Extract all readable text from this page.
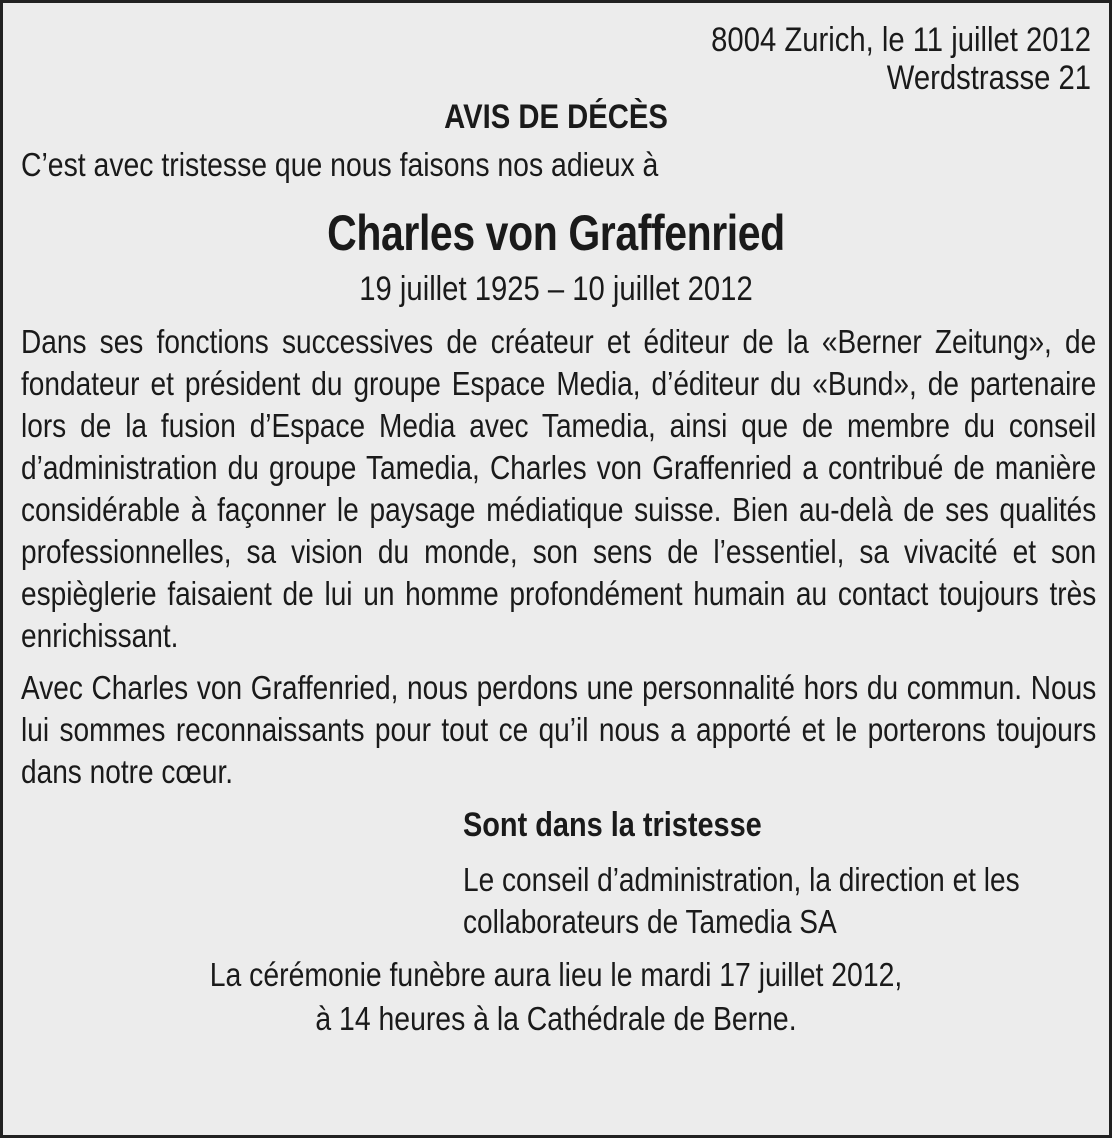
8004 Zurich, le 11 juillet 2012
Werdstrasse 21
AVIS DE DÉCÈS
C’est avec tristesse que nous faisons nos adieux à
Charles von Graffenried
19 juillet 1925 – 10 juillet 2012

Dans ses fonctions successives de créateur et éditeur de la «Berner Zeitung», de fondateur et président du groupe Espace Media, d’éditeur du «Bund», de partenaire lors de la fusion d’Espace Media avec Tamedia, ainsi que de membre du conseil d’administration du groupe Tamedia, Charles von Graffenried a contribué de manière considérable à façonner le paysage médiatique suisse. Bien au-delà de ses qualités professionnelles, sa vision du monde, son sens de l’essentiel, sa vivacité et son espièglerie faisaient de lui un homme profondément humain au contact toujours très enrichissant.

Avec Charles von Graffenried, nous perdons une personnalité hors du commun. Nous lui sommes reconnaissants pour tout ce qu’il nous a apporté et le porterons toujours dans notre cœur.

Sont dans la tristesse
Le conseil d’administration, la direction et les collaborateurs de Tamedia SA
La cérémonie funèbre aura lieu le mardi 17 juillet 2012,
à 14 heures à la Cathédrale de Berne.
